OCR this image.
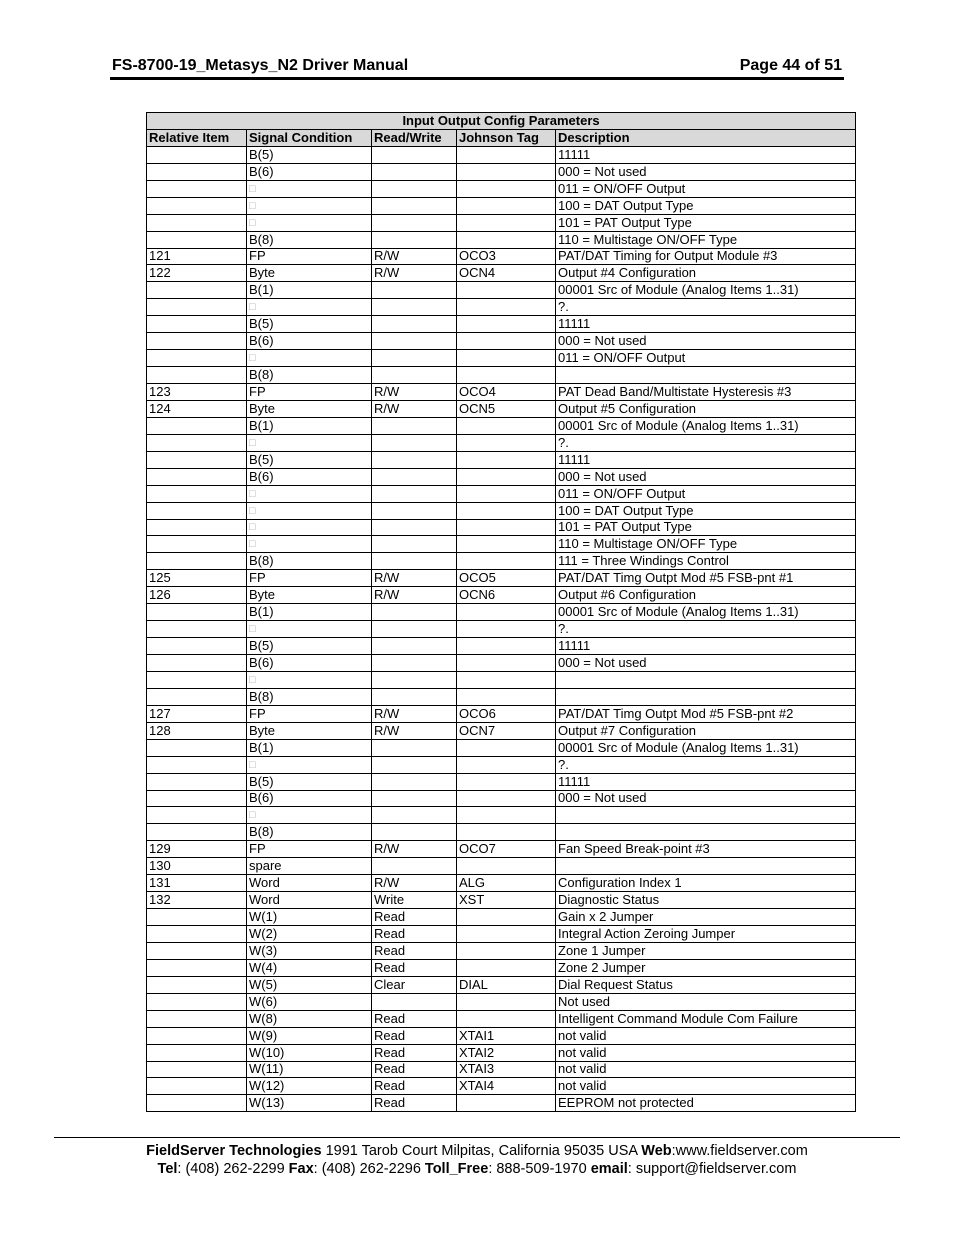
FS-8700-19_Metasys_N2 Driver Manual	Page 44 of 51
Input Output Config Parameters				
Relative Item	Signal Condition	Read/Write	Johnson Tag	Description
	B(5)			11111
	B(6)			000 = Not used
	□			011 = ON/OFF Output
	□			100 = DAT Output Type
	□			101 = PAT Output Type
	B(8)			110 = Multistage ON/OFF Type
121	FP	R/W	OCO3	PAT/DAT Timing for Output Module #3
122	Byte	R/W	OCN4	Output #4 Configuration
	B(1)			00001 Src of Module (Analog Items 1..31)
	□			?.
	B(5)			11111
	B(6)			000 = Not used
	□			011 = ON/OFF Output
	B(8)			
123	FP	R/W	OCO4	PAT Dead Band/Multistate Hysteresis #3
124	Byte	R/W	OCN5	Output #5 Configuration
	B(1)			00001 Src of Module (Analog Items 1..31)
	□			?.
	B(5)			11111
	B(6)			000 = Not used
	□			011 = ON/OFF Output
	□			100 = DAT Output Type
	□			101 = PAT Output Type
	□			110 = Multistage ON/OFF Type
	B(8)			111 = Three Windings Control
125	FP	R/W	OCO5	PAT/DAT Timg Outpt Mod #5 FSB-pnt #1
126	Byte	R/W	OCN6	Output #6 Configuration
	B(1)			00001 Src of Module (Analog Items 1..31)
	□			?.
	B(5)			11111
	B(6)			000 = Not used
	□			
	B(8)			
127	FP	R/W	OCO6	PAT/DAT Timg Outpt Mod #5 FSB-pnt #2
128	Byte	R/W	OCN7	Output #7 Configuration
	B(1)			00001 Src of Module (Analog Items 1..31)
	□			?.
	B(5)			11111
	B(6)			000 = Not used
	□			
	B(8)			
129	FP	R/W	OCO7	Fan Speed Break-point #3
130	spare			
131	Word	R/W	ALG	Configuration Index 1
132	Word	Write	XST	Diagnostic Status
	W(1)	Read		Gain x 2 Jumper
	W(2)	Read		Integral Action Zeroing Jumper
	W(3)	Read		Zone 1 Jumper
	W(4)	Read		Zone 2 Jumper
	W(5)	Clear	DIAL	Dial Request Status
	W(6)			Not used
	W(8)	Read		Intelligent Command Module Com Failure
	W(9)	Read	XTAI1	not valid
	W(10)	Read	XTAI2	not valid
	W(11)	Read	XTAI3	not valid
	W(12)	Read	XTAI4	not valid
	W(13)	Read		EEPROM not protected
FieldServer Technologies 1991 Tarob Court Milpitas, California 95035 USA Web:www.fieldserver.com
Tel: (408) 262-2299 Fax: (408) 262-2296 Toll_Free: 888-509-1970 email: support@fieldserver.com
